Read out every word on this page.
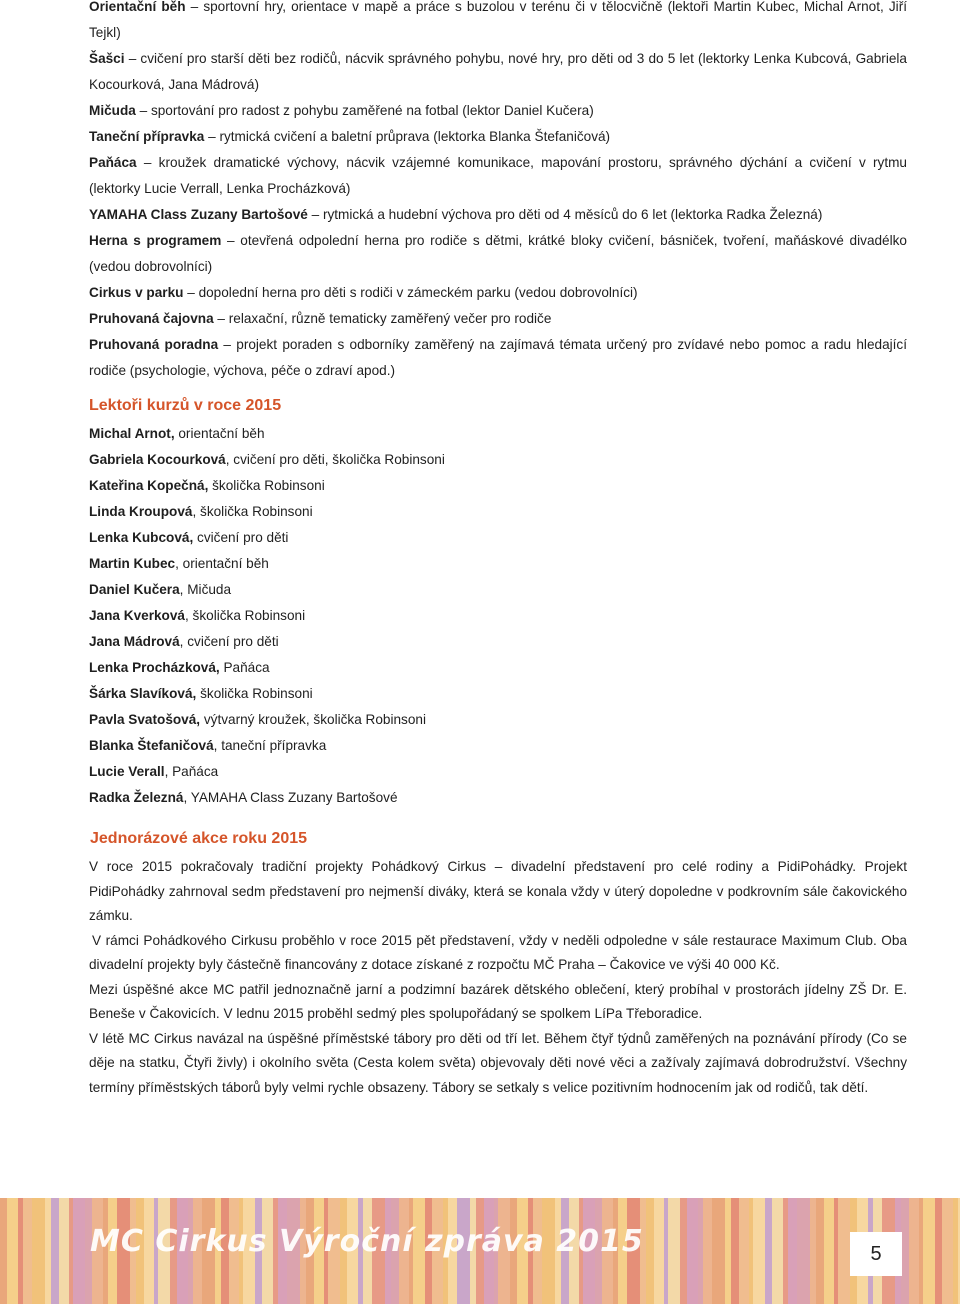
Orientační běh – sportovní hry, orientace v mapě a práce s buzolou v terénu či v tělocvičně (lektoři Martin Kubec, Michal Arnot, Jiří Tejkl)

Šašci – cvičení pro starší děti bez rodičů, nácvik správného pohybu, nové hry, pro děti od 3 do 5 let (lektorky Lenka Kubcová, Gabriela Kocourková, Jana Mádrová)

Mičuda – sportování pro radost z pohybu zaměřené na fotbal (lektor Daniel Kučera)

Taneční přípravka – rytmická cvičení a baletní průprava (lektorka Blanka Štefaničová)

Paňáca – kroužek dramatické výchovy, nácvik vzájemné komunikace, mapování prostoru, správného dýchání a cvičení v rytmu (lektorky Lucie Verrall, Lenka Procházková)

YAMAHA Class Zuzany Bartošové – rytmická a hudební výchova pro děti od 4 měsíců do 6 let (lektorka Radka Železná)

Herna s programem – otevřená odpolední herna pro rodiče s dětmi, krátké bloky cvičení, básniček, tvoření, maňáskové divadélko (vedou dobrovolníci)

Cirkus v parku – dopolední herna pro děti s rodiči v zámeckém parku (vedou dobrovolníci)

Pruhovaná čajovna – relaxační, různě tematicky zaměřený večer pro rodiče

Pruhovaná poradna – projekt poraden s odborníky zaměřený na zajímavá témata určený pro zvídavé nebo pomoc a radu hledající rodiče (psychologie, výchova, péče o zdraví apod.)

Lektoři kurzů v roce 2015

Michal Arnot, orientační běh

Gabriela Kocourková, cvičení pro děti, školička Robinsoni

Kateřina Kopečná, školička Robinsoni

Linda Kroupová, školička Robinsoni

Lenka Kubcová, cvičení pro děti

Martin Kubec, orientační běh

Daniel Kučera, Mičuda

Jana Kverková, školička Robinsoni

Jana Mádrová, cvičení pro děti

Lenka Procházková, Paňáca

Šárka Slavíková, školička Robinsoni

Pavla Svatošová, výtvarný kroužek, školička Robinsoni

Blanka Štefaničová, taneční přípravka

Lucie Verall, Paňáca

Radka Železná, YAMAHA Class Zuzany Bartošové

Jednorázové akce roku 2015

V roce 2015 pokračovaly tradiční projekty Pohádkový Cirkus – divadelní představení pro celé rodiny a PidiPohádky. Projekt PidiPohádky zahrnoval sedm představení pro nejmenší diváky, která se konala vždy v úterý dopoledne v podkrovním sále čakovického zámku.

V rámci Pohádkového Cirkusu proběhlo v roce 2015 pět představení, vždy v neděli odpoledne v sále restaurace Maximum Club. Oba divadelní projekty byly částečně financovány z dotace získané z rozpočtu MČ Praha – Čakovice ve výši 40 000 Kč.

Mezi úspěšné akce MC patřil jednoznačně jarní a podzimní bazárek dětského oblečení, který probíhal v prostorách jídelny ZŠ Dr. E. Beneše v Čakovicích. V lednu 2015 proběhl sedmý ples spolupořádaný se spolkem LíPa Třeboradice.

V létě MC Cirkus navázal na úspěšné příměstské tábory pro děti od tří let. Během čtyř týdnů zaměřených na poznávání přírody (Co se děje na statku, Čtyři živly) i okolního světa (Cesta kolem světa) objevovaly děti nové věci a zažívaly zajímavá dobrodružství. Všechny termíny příměstských táborů byly velmi rychle obsazeny. Tábory se setkaly s velice pozitivním hodnocením jak od rodičů, tak dětí.

MC Cirkus Výroční zpráva 2015	5
